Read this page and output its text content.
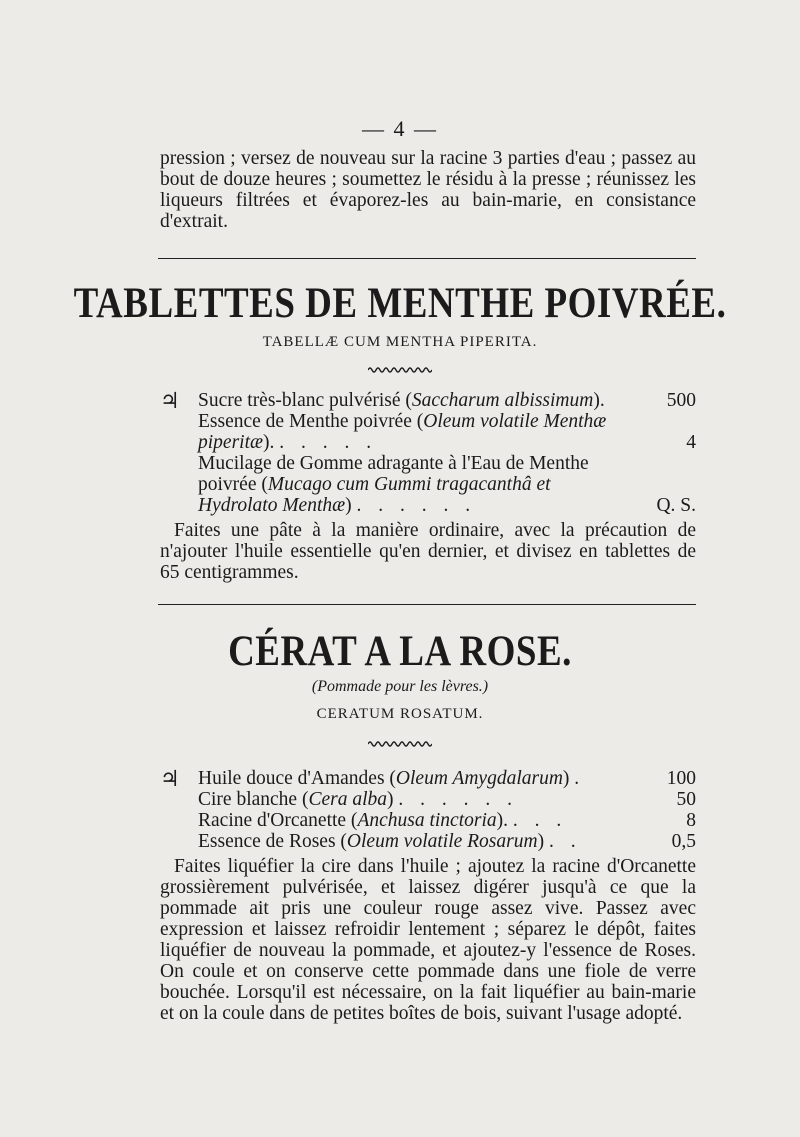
— 4 —

pression ; versez de nouveau sur la racine 3 parties d'eau ; passez au bout de douze heures ; soumettez le résidu à la presse ; réunissez les liqueurs filtrées et évaporez-les au bain-marie, en consistance d'extrait.

TABLETTES DE MENTHE POIVRÉE.
TABELLÆ CUM MENTHA PIPERITA.
♃ Sucre très-blanc pulvérisé (Saccharum albissimum).	500
Essence de Menthe poivrée (Oleum volatile Menthæ piperitæ). . . . . .	4
Mucilage de Gomme adragante à l'Eau de Menthe poivrée (Mucago cum Gummi tragacanthâ et Hydrolato Menthæ) . . . . . .	Q. S.

Faites une pâte à la manière ordinaire, avec la précaution de n'ajouter l'huile essentielle qu'en dernier, et divisez en tablettes de 65 centigrammes.

CÉRAT A LA ROSE.
(Pommade pour les lèvres.)
CERATUM ROSATUM.
♃ Huile douce d'Amandes (Oleum Amygdalarum) .	100
Cire blanche (Cera alba) . . . . . .	50
Racine d'Orcanette (Anchusa tinctoria). . . .	8
Essence de Roses (Oleum volatile Rosarum) . .	0,5

Faites liquéfier la cire dans l'huile ; ajoutez la racine d'Orcanette grossièrement pulvérisée, et laissez digérer jusqu'à ce que la pommade ait pris une couleur rouge assez vive. Passez avec expression et laissez refroidir lentement ; séparez le dépôt, faites liquéfier de nouveau la pommade, et ajoutez-y l'essence de Roses. On coule et on conserve cette pommade dans une fiole de verre bouchée. Lorsqu'il est nécessaire, on la fait liquéfier au bain-marie et on la coule dans de petites boîtes de bois, suivant l'usage adopté.
